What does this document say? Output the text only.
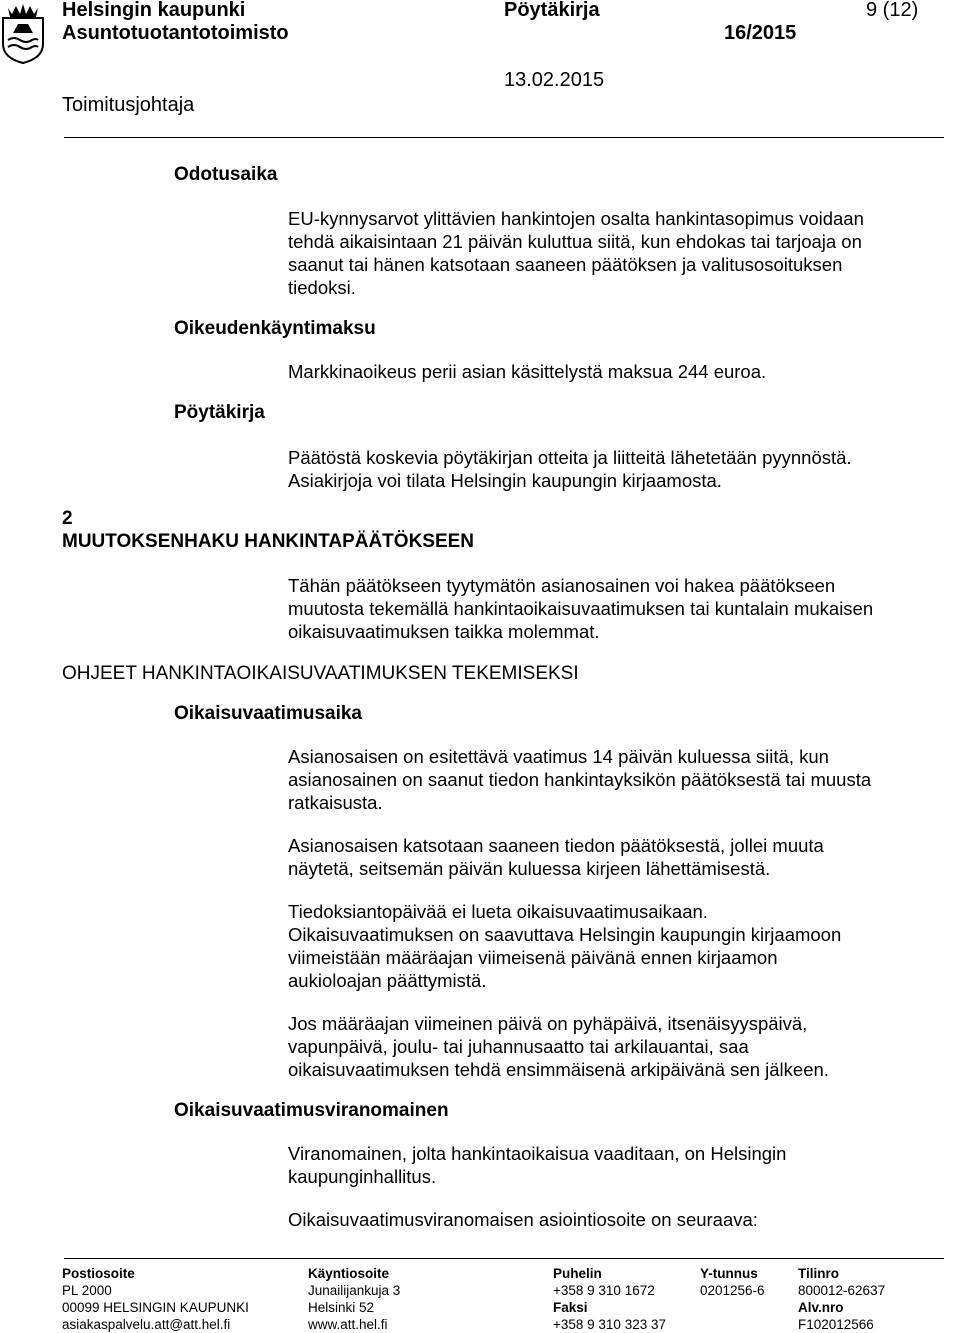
Helsingin kaupunki
Asuntotuotantotoimisto
Pöytäkirja
16/2015
9 (12)
13.02.2015
Toimitusjohtaja
Odotusaika
EU-kynnysarvot ylittävien hankintojen osalta hankintasopimus voidaan
tehdä aikaisintaan 21 päivän kuluttua siitä, kun ehdokas tai tarjoaja on
saanut tai hänen katsotaan saaneen päätöksen ja valitusosoituksen
tiedoksi.
Oikeudenkäyntimaksu
Markkinaoikeus perii asian käsittelystä maksua 244 euroa.
Pöytäkirja
Päätöstä koskevia pöytäkirjan otteita ja liitteitä lähetetään pyynnöstä.
Asiakirjoja voi tilata Helsingin kaupungin kirjaamosta.
2
MUUTOKSENHAKU HANKINTAPÄÄTÖKSEEN
Tähän päätökseen tyytymätön asianosainen voi hakea päätökseen
muutosta tekemällä hankintaoikaisuvaatimuksen tai kuntalain mukaisen
oikaisuvaatimuksen taikka molemmat.
OHJEET HANKINTAOIKAISUVAATIMUKSEN TEKEMISEKSI
Oikaisuvaatimusaika
Asianosaisen on esitettävä vaatimus 14 päivän kuluessa siitä, kun
asianosainen on saanut tiedon hankintayksikön päätöksestä tai muusta
ratkaisusta.
Asianosaisen katsotaan saaneen tiedon päätöksestä, jollei muuta
näytetä, seitsemän päivän kuluessa kirjeen lähettämisestä.
Tiedoksiantopäivää ei lueta oikaisuvaatimusaikaan.
Oikaisuvaatimuksen on saavuttava Helsingin kaupungin kirjaamoon
viimeistään määräajan viimeisenä päivänä ennen kirjaamon
aukioloajan päättymistä.
Jos määräajan viimeinen päivä on pyhäpäivä, itsenäisyyspäivä,
vapunpäivä, joulu- tai juhannusaatto tai arkilauantai, saa
oikaisuvaatimuksen tehdä ensimmäisenä arkipäivänä sen jälkeen.
Oikaisuvaatimusviranomainen
Viranomainen, jolta hankintaoikaisua vaaditaan, on Helsingin
kaupunginhallitus.
Oikaisuvaatimusviranomaisen asiointiosoite on seuraava:
Postiosoite
PL 2000
00099 HELSINGIN KAUPUNKI
asiakaspalvelu.att@att.hel.fi
Käyntiosoite
Junailijankuja 3
Helsinki 52
www.att.hel.fi
Puhelin
+358 9 310 1672
Faksi
+358 9 310 323 37
Y-tunnus
0201256-6
Tilinro
800012-62637
Alv.nro
F102012566
